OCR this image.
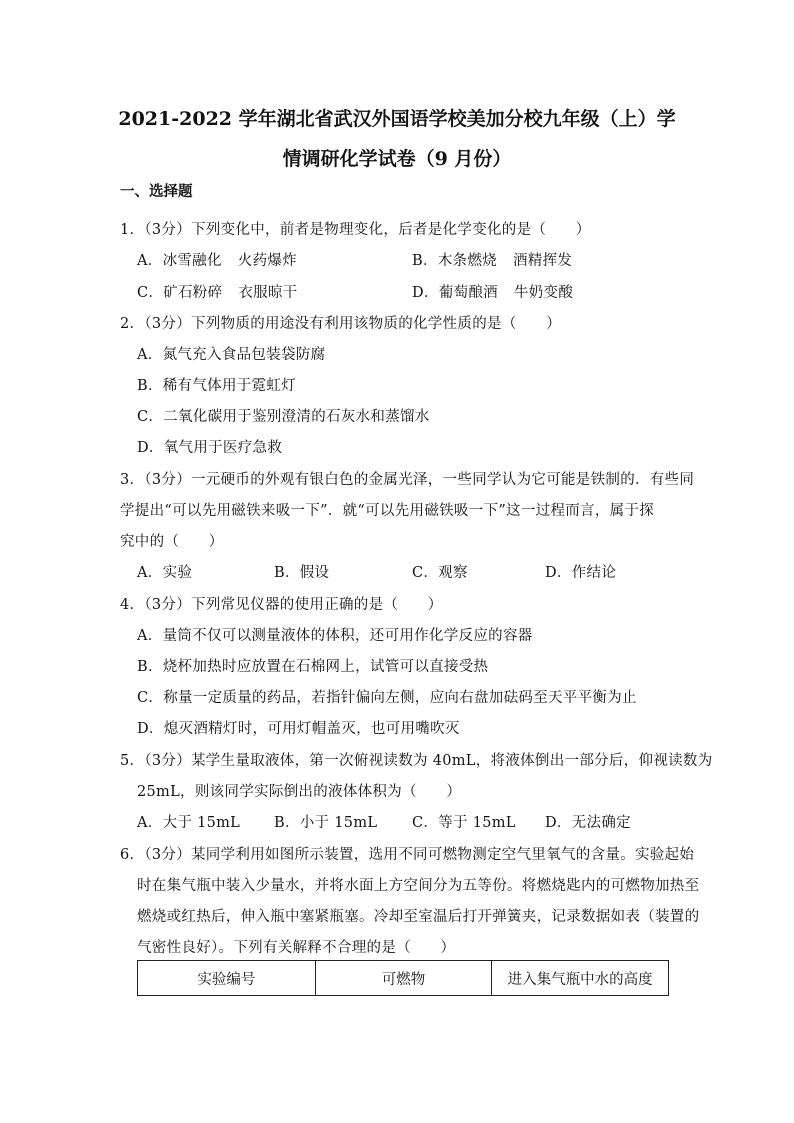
2021-2022 学年湖北省武汉外国语学校美加分校九年级（上）学
情调研化学试卷（9 月份）
一、选择题
1．（3分）下列变化中，前者是物理变化，后者是化学变化的是（　　）
A．冰雪融化 火药爆炸	B．木条燃烧 酒精挥发
C．矿石粉碎 衣服晾干	D．葡萄酿酒 牛奶变酸
2．（3分）下列物质的用途没有利用该物质的化学性质的是（　　）
A．氮气充入食品包装袋防腐
B．稀有气体用于霓虹灯
C．二氧化碳用于鉴别澄清的石灰水和蒸馏水
D．氧气用于医疗急救
3．（3分）一元硬币的外观有银白色的金属光泽，一些同学认为它可能是铁制的．有些同
学提出“可以先用磁铁来吸一下”．就“可以先用磁铁吸一下”这一过程而言，属于探
究中的（　　）
A．实验	B．假设	C．观察	D．作结论
4．（3分）下列常见仪器的使用正确的是（　　）
A．量筒不仅可以测量液体的体积，还可用作化学反应的容器
B．烧杯加热时应放置在石棉网上，试管可以直接受热
C．称量一定质量的药品，若指针偏向左侧，应向右盘加砝码至天平平衡为止
D．熄灭酒精灯时，可用灯帽盖灭，也可用嘴吹灭
5．（3分）某学生量取液体，第一次俯视读数为 40mL，将液体倒出一部分后，仰视读数为
25mL，则该同学实际倒出的液体体积为（　　）
A．大于 15mL B．小于 15mL C．等于 15mL D．无法确定
6．（3分）某同学利用如图所示装置，选用不同可燃物测定空气里氧气的含量。实验起始
时在集气瓶中装入少量水，并将水面上方空间分为五等份。将燃烧匙内的可燃物加热至
燃烧或红热后，伸入瓶中塞紧瓶塞。冷却至室温后打开弹簧夹，记录数据如表（装置的
气密性良好）。下列有关解释不合理的是（　　）
实验编号	可燃物	进入集气瓶中水的高度
